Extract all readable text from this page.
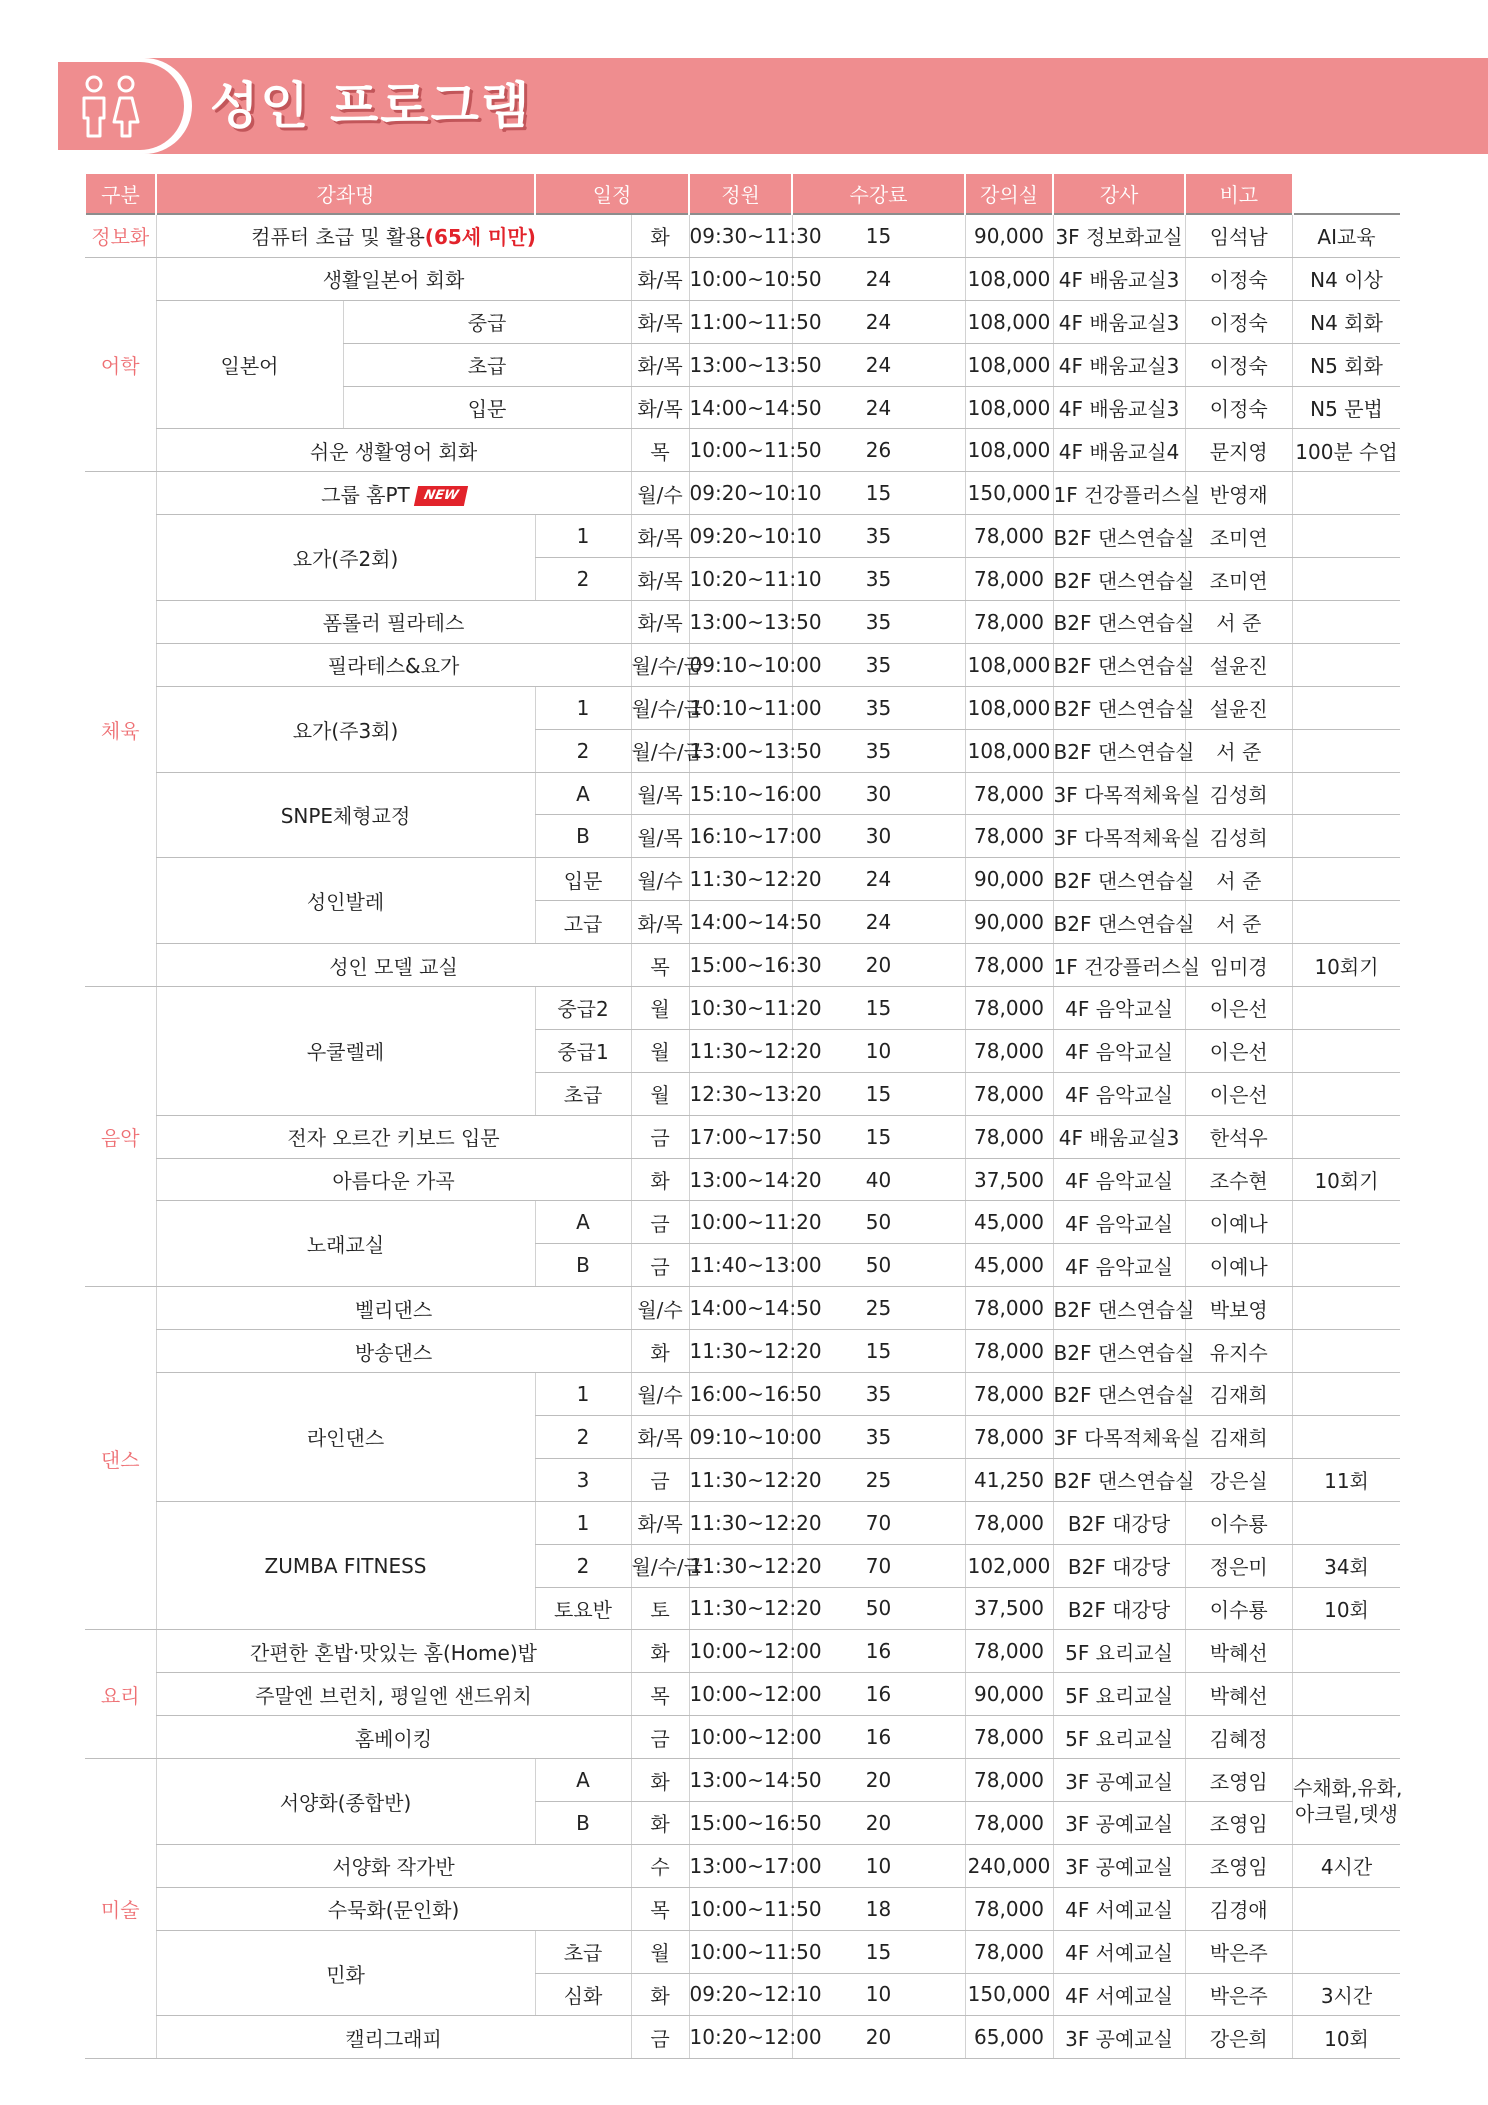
성인 프로그램
구분	강좌명		일정		정원	수강료	강의실	강사	비고	
정보화	컴퓨터 초급 및 활용(65세 미만)			화	09:30~11:30	15	90,000	3F 정보화교실	임석남	AI교육
어학	생활일본어 회화			화/목	10:00~10:50	24	108,000	4F 배움교실3	이정숙	N4 이상
	일본어	중급		화/목	11:00~11:50	24	108,000	4F 배움교실3	이정숙	N4 회화
		초급		화/목	13:00~13:50	24	108,000	4F 배움교실3	이정숙	N5 회화
		입문		화/목	14:00~14:50	24	108,000	4F 배움교실3	이정숙	N5 문법
	쉬운 생활영어 회화			목	10:00~11:50	26	108,000	4F 배움교실4	문지영	100분 수업
체육	그룹 홈PT NEW			월/수	09:20~10:10	15	150,000	1F 건강플러스실	반영재	
	요가(주2회)		1	화/목	09:20~10:10	35	78,000	B2F 댄스연습실	조미연	
			2	화/목	10:20~11:10	35	78,000	B2F 댄스연습실	조미연	
	폼롤러 필라테스			화/목	13:00~13:50	35	78,000	B2F 댄스연습실	서 준	
	필라테스&요가			월/수/금	09:10~10:00	35	108,000	B2F 댄스연습실	설윤진	
	요가(주3회)		1	월/수/금	10:10~11:00	35	108,000	B2F 댄스연습실	설윤진	
			2	월/수/금	13:00~13:50	35	108,000	B2F 댄스연습실	서 준	
	SNPE체형교정		A	월/목	15:10~16:00	30	78,000	3F 다목적체육실	김성희	
			B	월/목	16:10~17:00	30	78,000	3F 다목적체육실	김성희	
	성인발레		입문	월/수	11:30~12:20	24	90,000	B2F 댄스연습실	서 준	
			고급	화/목	14:00~14:50	24	90,000	B2F 댄스연습실	서 준	
	성인 모델 교실			목	15:00~16:30	20	78,000	1F 건강플러스실	임미경	10회기
음악	우쿨렐레		중급2	월	10:30~11:20	15	78,000	4F 음악교실	이은선	
			중급1	월	11:30~12:20	10	78,000	4F 음악교실	이은선	
			초급	월	12:30~13:20	15	78,000	4F 음악교실	이은선	
	전자 오르간 키보드 입문			금	17:00~17:50	15	78,000	4F 배움교실3	한석우	
	아름다운 가곡			화	13:00~14:20	40	37,500	4F 음악교실	조수현	10회기
	노래교실		A	금	10:00~11:20	50	45,000	4F 음악교실	이예나	
			B	금	11:40~13:00	50	45,000	4F 음악교실	이예나	
댄스	벨리댄스			월/수	14:00~14:50	25	78,000	B2F 댄스연습실	박보영	
	방송댄스			화	11:30~12:20	15	78,000	B2F 댄스연습실	유지수	
	라인댄스		1	월/수	16:00~16:50	35	78,000	B2F 댄스연습실	김재희	
			2	화/목	09:10~10:00	35	78,000	3F 다목적체육실	김재희	
			3	금	11:30~12:20	25	41,250	B2F 댄스연습실	강은실	11회
	ZUMBA FITNESS		1	화/목	11:30~12:20	70	78,000	B2F 대강당	이수룡	
			2	월/수/금	11:30~12:20	70	102,000	B2F 대강당	정은미	34회
			토요반	토	11:30~12:20	50	37,500	B2F 대강당	이수룡	10회
요리	간편한 혼밥·맛있는 홈(Home)밥			화	10:00~12:00	16	78,000	5F 요리교실	박혜선	
	주말엔 브런치, 평일엔 샌드위치			목	10:00~12:00	16	90,000	5F 요리교실	박혜선	
	홈베이킹			금	10:00~12:00	16	78,000	5F 요리교실	김혜정	
미술	서양화(종합반)		A	화	13:00~14:50	20	78,000	3F 공예교실	조영임	수채화,유화,
아크릴,뎃생

			B	화	15:00~16:50	20	78,000	3F 공예교실	조영임	
	서양화 작가반			수	13:00~17:00	10	240,000	3F 공예교실	조영임	4시간
	수묵화(문인화)			목	10:00~11:50	18	78,000	4F 서예교실	김경애	
	민화		초급	월	10:00~11:50	15	78,000	4F 서예교실	박은주	
			심화	화	09:20~12:10	10	150,000	4F 서예교실	박은주	3시간
	캘리그래피			금	10:20~12:00	20	65,000	3F 공예교실	강은희	10회
